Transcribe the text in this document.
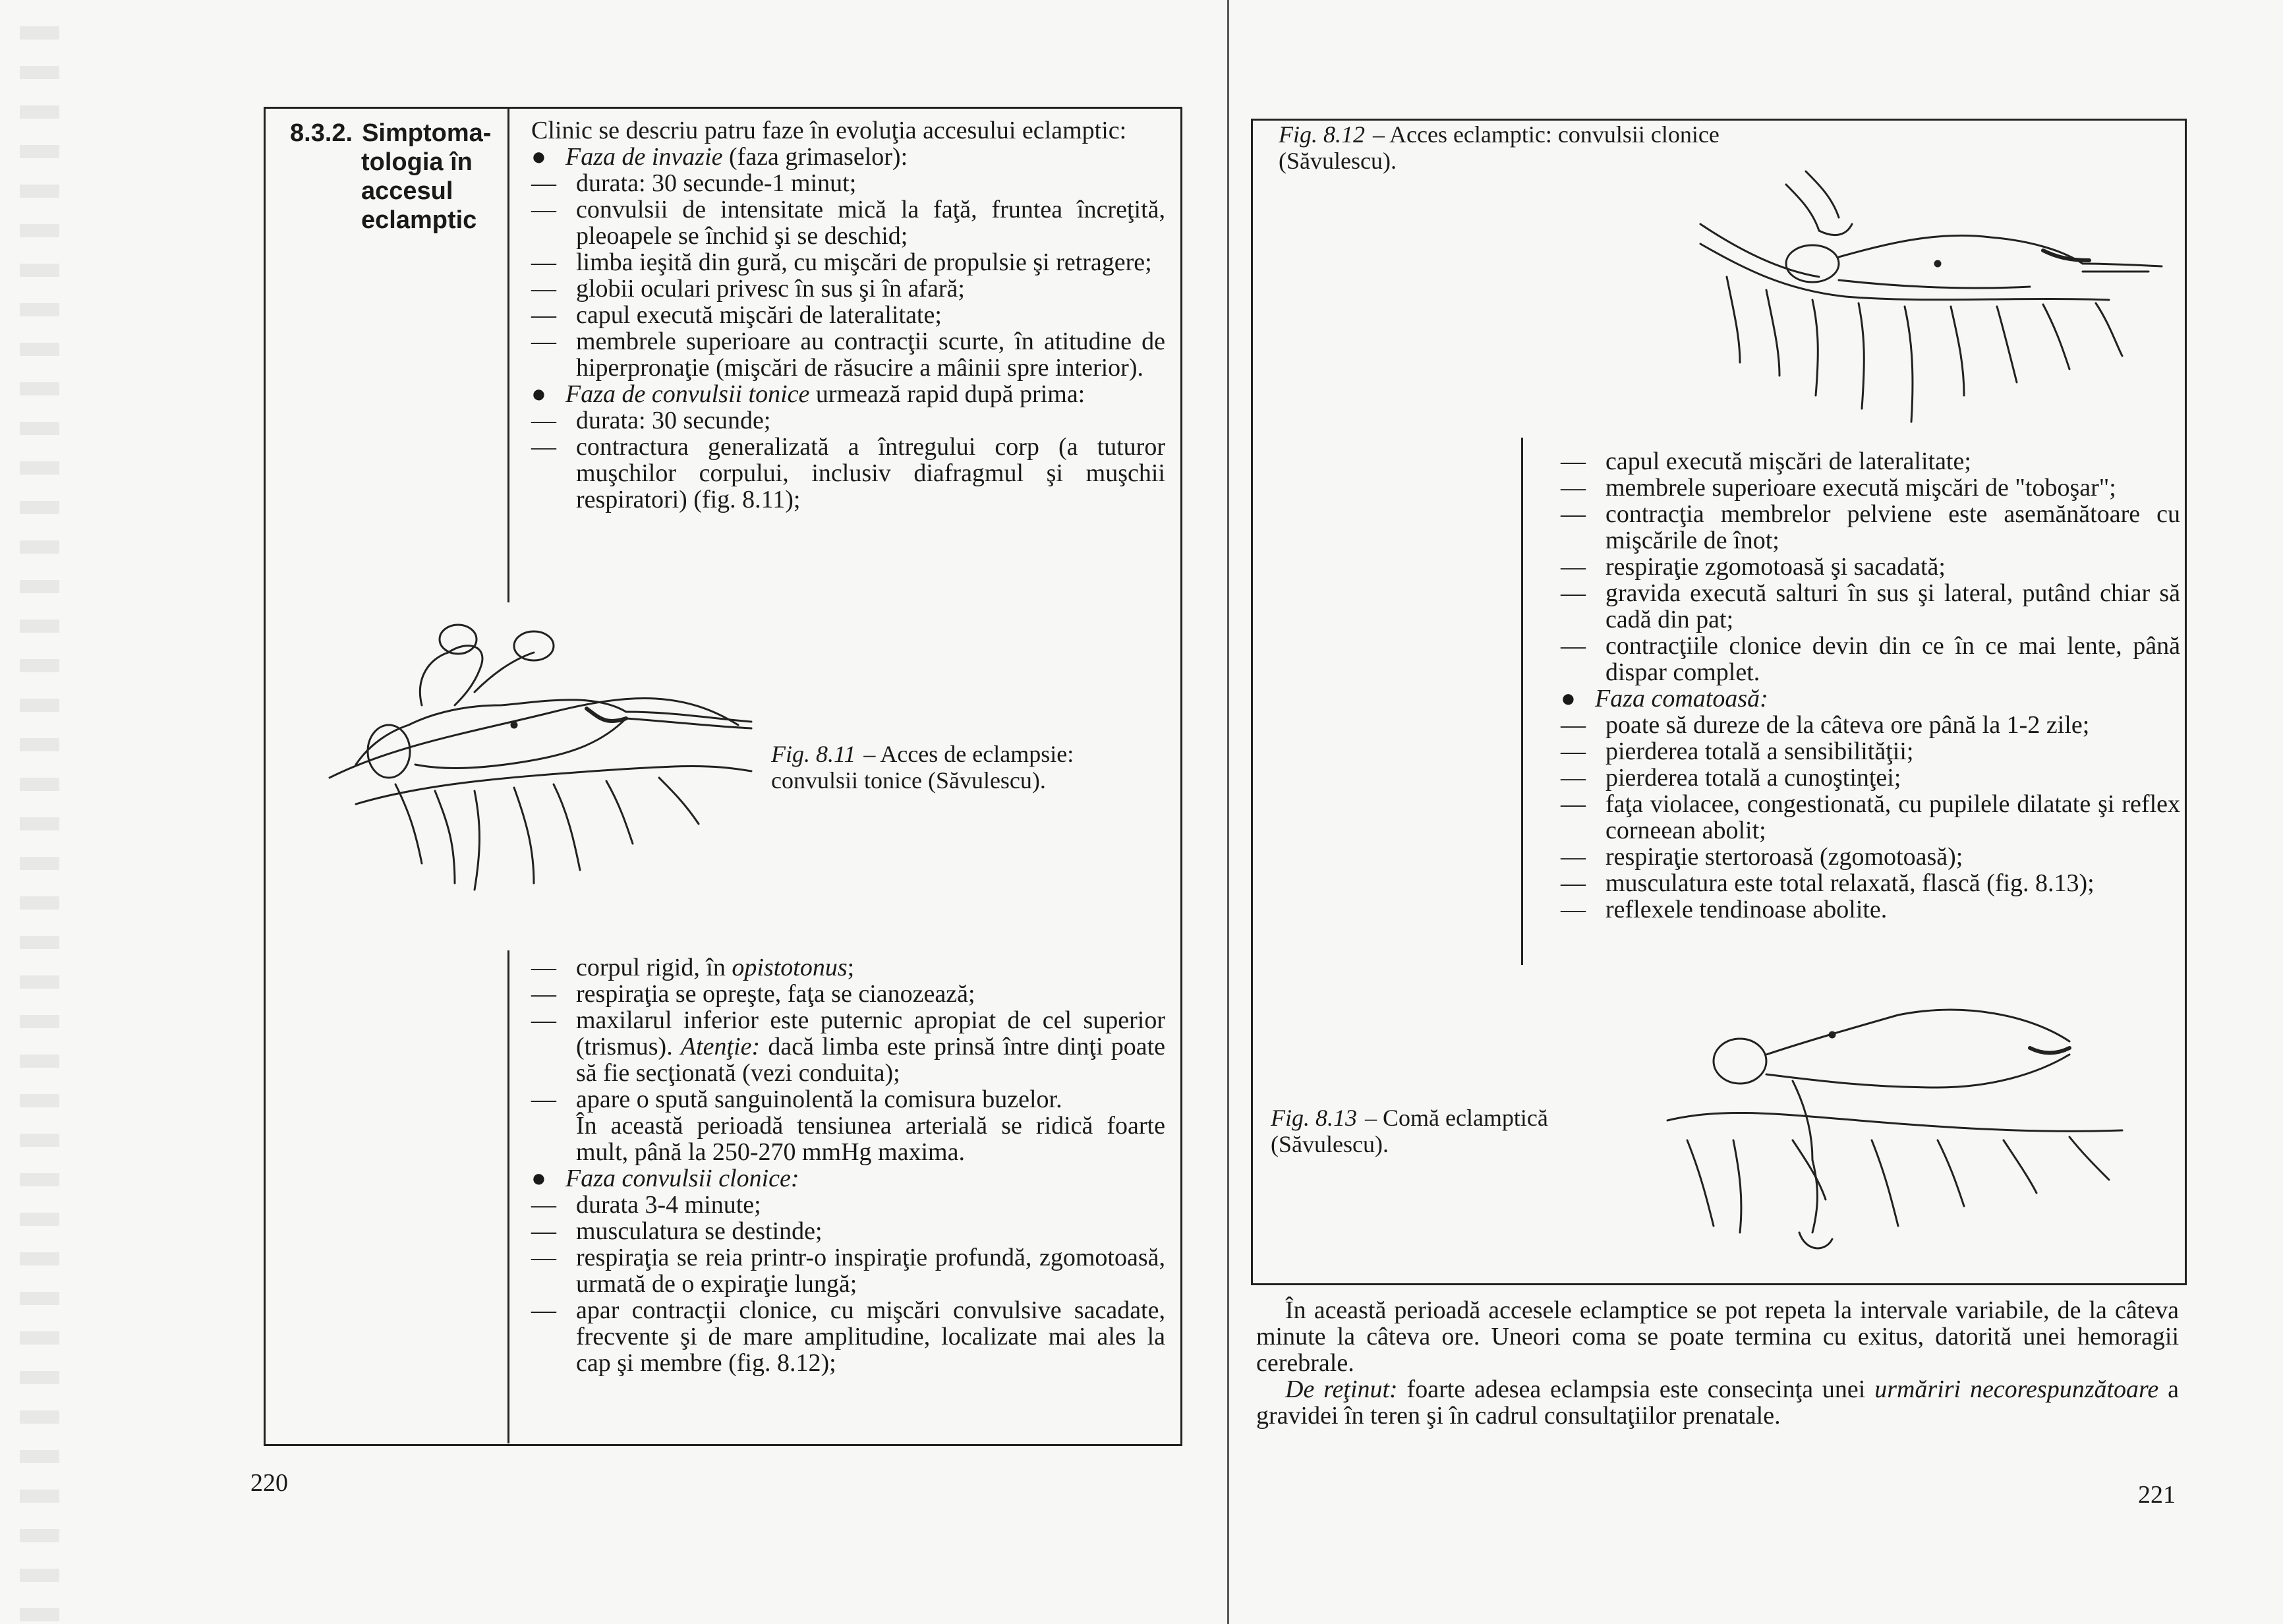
8.3.2. Simptoma-
tologia în
accesul
eclamptic
Clinic se descriu patru faze în evoluţia accesului eclamptic:
● Faza de invazie (faza grimaselor):
— durata: 30 secunde-1 minut;
— convulsii de intensitate mică la faţă, fruntea încreţită, pleoapele se închid şi se deschid;
— limba ieşită din gură, cu mişcări de propulsie şi retragere;
— globii oculari privesc în sus şi în afară;
— capul execută mişcări de lateralitate;
— membrele superioare au contracţii scurte, în atitudine de hiperpronaţie (mişcări de răsucire a mâinii spre interior).
● Faza de convulsii tonice urmează rapid după prima:
— durata: 30 secunde;
— contractura generalizată a întregului corp (a tuturor muşchilor corpului, inclusiv diafragmul şi muşchii respiratori) (fig. 8.11);
Fig. 8.11 – Acces de eclampsie: convulsii tonice (Săvulescu).
— corpul rigid, în opistotonus;
— respiraţia se opreşte, faţa se cianozează;
— maxilarul inferior este puternic apropiat de cel superior (trismus). Atenţie: dacă limba este prinsă între dinţi poate să fie secţionată (vezi conduita);
— apare o spută sanguinolentă la comisura buzelor.
În această perioadă tensiunea arterială se ridică foarte mult, până la 250-270 mmHg maxima.
● Faza convulsii clonice:
— durata 3-4 minute;
— musculatura se destinde;
— respiraţia se reia printr-o inspiraţie profundă, zgomotoasă, urmată de o expiraţie lungă;
— apar contracţii clonice, cu mişcări convulsive sacadate, frecvente şi de mare amplitudine, localizate mai ales la cap şi membre (fig. 8.12);
220
Fig. 8.12 – Acces eclamptic: convulsii clonice (Săvulescu).
— capul execută mişcări de lateralitate;
— membrele superioare execută mişcări de "toboşar";
— contracţia membrelor pelviene este asemănătoare cu mişcările de înot;
— respiraţie zgomotoasă şi sacadată;
— gravida execută salturi în sus şi lateral, putând chiar să cadă din pat;
— contracţiile clonice devin din ce în ce mai lente, până dispar complet.
● Faza comatoasă:
— poate să dureze de la câteva ore până la 1-2 zile;
— pierderea totală a sensibilităţii;
— pierderea totală a cunoştinţei;
— faţa violacee, congestionată, cu pupilele dilatate şi reflex corneean abolit;
— respiraţie stertoroasă (zgomotoasă);
— musculatura este total relaxată, flască (fig. 8.13);
— reflexele tendinoase abolite.
Fig. 8.13 – Comă eclamptică (Săvulescu).

În această perioadă accesele eclamptice se pot repeta la intervale variabile, de la câteva minute la câteva ore. Uneori coma se poate termina cu exitus, datorită unei hemoragii cerebrale.

De reţinut: foarte adesea eclampsia este consecinţa unei urmăriri necorespunzătoare a gravidei în teren şi în cadrul consultaţiilor prenatale.

221
